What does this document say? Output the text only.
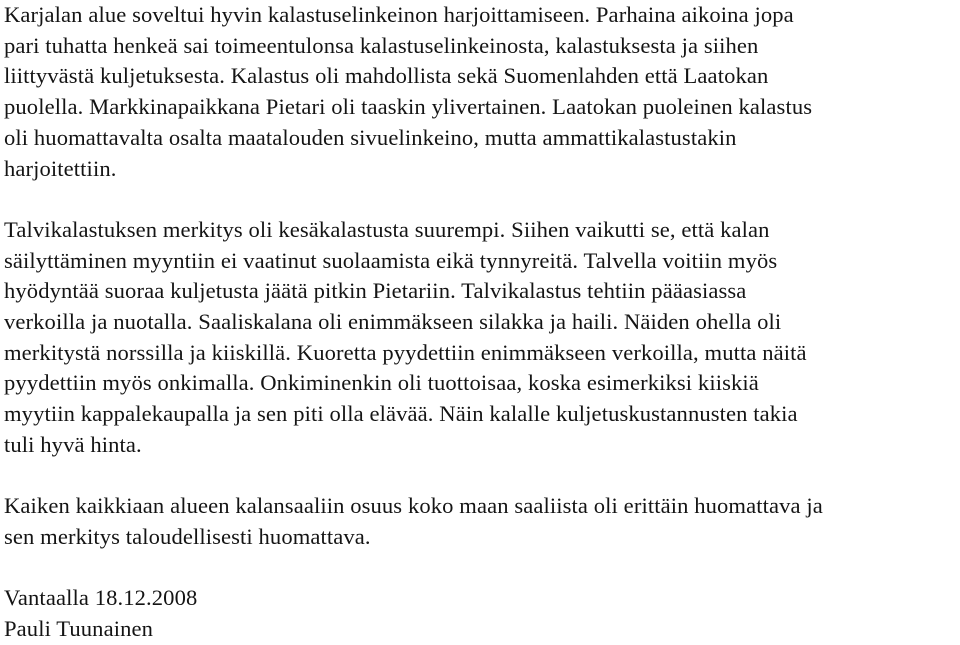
Karjalan alue soveltui hyvin kalastuselinkeinon harjoittamiseen. Parhaina aikoina jopa
pari tuhatta henkeä sai toimeentulonsa kalastuselinkeinosta, kalastuksesta ja siihen
liittyvästä kuljetuksesta. Kalastus oli mahdollista sekä Suomenlahden että Laatokan
puolella. Markkinapaikkana Pietari oli taaskin ylivertainen. Laatokan puoleinen kalastus
oli huomattavalta osalta maatalouden sivuelinkeino, mutta ammattikalastustakin
harjoitettiin.
Talvikalastuksen merkitys oli kesäkalastusta suurempi. Siihen vaikutti se, että kalan
säilyttäminen myyntiin ei vaatinut suolaamista eikä tynnyreitä. Talvella voitiin myös
hyödyntää suoraa kuljetusta jäätä pitkin Pietariin. Talvikalastus tehtiin pääasiassa
verkoilla ja nuotalla. Saaliskalana oli enimmäkseen silakka ja haili. Näiden ohella oli
merkitystä norssilla ja kiiskillä. Kuoretta pyydettiin enimmäkseen verkoilla, mutta näitä
pyydettiin myös onkimalla. Onkiminenkin oli tuottoisaa, koska esimerkiksi kiiskiä
myytiin kappalekaupalla ja sen piti olla elävää. Näin kalalle kuljetuskustannusten takia
tuli hyvä hinta.
Kaiken kaikkiaan alueen kalansaaliin osuus koko maan saaliista oli erittäin huomattava ja
sen merkitys taloudellisesti huomattava.
Vantaalla 18.12.2008
Pauli Tuunainen
